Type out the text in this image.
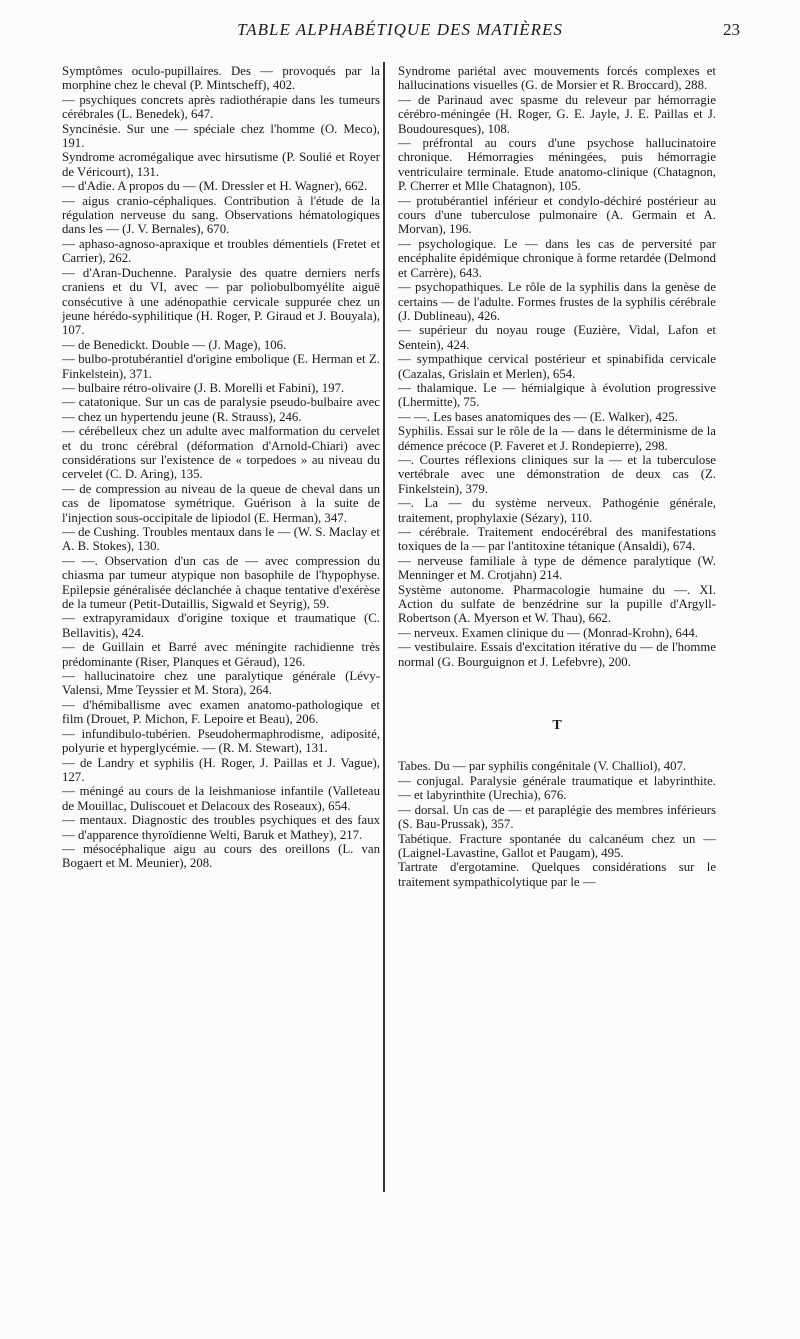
TABLE ALPHABÉTIQUE DES MATIÈRES	23

Symptômes oculo-pupillaires. Des — provoqués par la morphine chez le cheval (P. Mintscheff), 402.

— psychiques concrets après radiothérapie dans les tumeurs cérébrales (L. Benedek), 647.

Syncinésie. Sur une — spéciale chez l'homme (O. Meco), 191.

Syndrome acromégalique avec hirsutisme (P. Soulié et Royer de Véricourt), 131.

— d'Adie. A propos du — (M. Dressler et H. Wagner), 662.

— aigus cranio-céphaliques. Contribution à l'étude de la régulation nerveuse du sang. Observations hématologiques dans les — (J. V. Bernales), 670.

— aphaso-agnoso-apraxique et troubles démentiels (Fretet et Carrier), 262.

— d'Aran-Duchenne. Paralysie des quatre derniers nerfs craniens et du VI, avec — par poliobulbomyélite aiguë consécutive à une adénopathie cervicale suppurée chez un jeune hérédo-syphilitique (H. Roger, P. Giraud et J. Bouyala), 107.

— de Benedickt. Double — (J. Mage), 106.

— bulbo-protubérantiel d'origine embolique (E. Herman et Z. Finkelstein), 371.

— bulbaire rétro-olivaire (J. B. Morelli et Fabini), 197.

— catatonique. Sur un cas de paralysie pseudo-bulbaire avec — chez un hypertendu jeune (R. Strauss), 246.

— cérébelleux chez un adulte avec malformation du cervelet et du tronc cérébral (déformation d'Arnold-Chiari) avec considérations sur l'existence de « torpedoes » au niveau du cervelet (C. D. Aring), 135.

— de compression au niveau de la queue de cheval dans un cas de lipomatose symétrique. Guérison à la suite de l'injection sous-occipitale de lipiodol (E. Herman), 347.

— de Cushing. Troubles mentaux dans le — (W. S. Maclay et A. B. Stokes), 130.

— —. Observation d'un cas de — avec compression du chiasma par tumeur atypique non basophile de l'hypophyse. Epilepsie généralisée déclanchée à chaque tentative d'exérèse de la tumeur (Petit-Dutaillis, Sigwald et Seyrig), 59.

— extrapyramidaux d'origine toxique et traumatique (C. Bellavitis), 424.

— de Guillain et Barré avec méningite rachidienne très prédominante (Riser, Planques et Géraud), 126.

— hallucinatoire chez une paralytique générale (Lévy-Valensi, Mme Teyssier et M. Stora), 264.

— d'hémiballisme avec examen anatomo-pathologique et film (Drouet, P. Michon, F. Lepoire et Beau), 206.

— infundibulo-tubérien. Pseudohermaphrodisme, adiposité, polyurie et hyperglycémie. — (R. M. Stewart), 131.

— de Landry et syphilis (H. Roger, J. Paillas et J. Vague), 127.

— méningé au cours de la leishmaniose infantile (Valleteau de Mouillac, Duliscouet et Delacoux des Roseaux), 654.

— mentaux. Diagnostic des troubles psychiques et des faux — d'apparence thyroïdienne Welti, Baruk et Mathey), 217.

— mésocéphalique aigu au cours des oreillons (L. van Bogaert et M. Meunier), 208.

Syndrome pariétal avec mouvements forcés complexes et hallucinations visuelles (G. de Morsier et R. Broccard), 288.

— de Parinaud avec spasme du releveur par hémorragie cérébro-méningée (H. Roger, G. E. Jayle, J. E. Paillas et J. Boudouresques), 108.

— préfrontal au cours d'une psychose hallucinatoire chronique. Hémorragies méningées, puis hémorragie ventriculaire terminale. Etude anatomo-clinique (Chatagnon, P. Cherrer et Mlle Chatagnon), 105.

— protubérantiel inférieur et condylo-déchiré postérieur au cours d'une tuberculose pulmonaire (A. Germain et A. Morvan), 196.

— psychologique. Le — dans les cas de perversité par encéphalite épidémique chronique à forme retardée (Delmond et Carrère), 643.

— psychopathiques. Le rôle de la syphilis dans la genèse de certains — de l'adulte. Formes frustes de la syphilis cérébrale (J. Dublineau), 426.

— supérieur du noyau rouge (Euzière, Vidal, Lafon et Sentein), 424.

— sympathique cervical postérieur et spinabifida cervicale (Cazalas, Grislain et Merlen), 654.

— thalamique. Le — hémialgique à évolution progressive (Lhermitte), 75.

— —. Les bases anatomiques des — (E. Walker), 425.

Syphilis. Essai sur le rôle de la — dans le déterminisme de la démence précoce (P. Faveret et J. Rondepierre), 298.

—. Courtes réflexions cliniques sur la — et la tuberculose vertébrale avec une démonstration de deux cas (Z. Finkelstein), 379.

—. La — du système nerveux. Pathogénie générale, traitement, prophylaxie (Sézary), 110.

— cérébrale. Traitement endocérébral des manifestations toxiques de la — par l'antitoxine tétanique (Ansaldi), 674.

— nerveuse familiale à type de démence paralytique (W. Menninger et M. Crotjahn) 214.

Système autonome. Pharmacologie humaine du —. XI. Action du sulfate de benzédrine sur la pupille d'Argyll-Robertson (A. Myerson et W. Thau), 662.

— nerveux. Examen clinique du — (Monrad-Krohn), 644.

— vestibulaire. Essais d'excitation itérative du — de l'homme normal (G. Bourguignon et J. Lefebvre), 200.

T

Tabes. Du — par syphilis congénitale (V. Challiol), 407.

— conjugal. Paralysie générale traumatique et labyrinthite. — et labyrinthite (Urechia), 676.

— dorsal. Un cas de — et paraplégie des membres inférieurs (S. Bau-Prussak), 357.

Tabétique. Fracture spontanée du calcanéum chez un — (Laignel-Lavastine, Gallot et Paugam), 495.

Tartrate d'ergotamine. Quelques considérations sur le traitement sympathicolytique par le —
